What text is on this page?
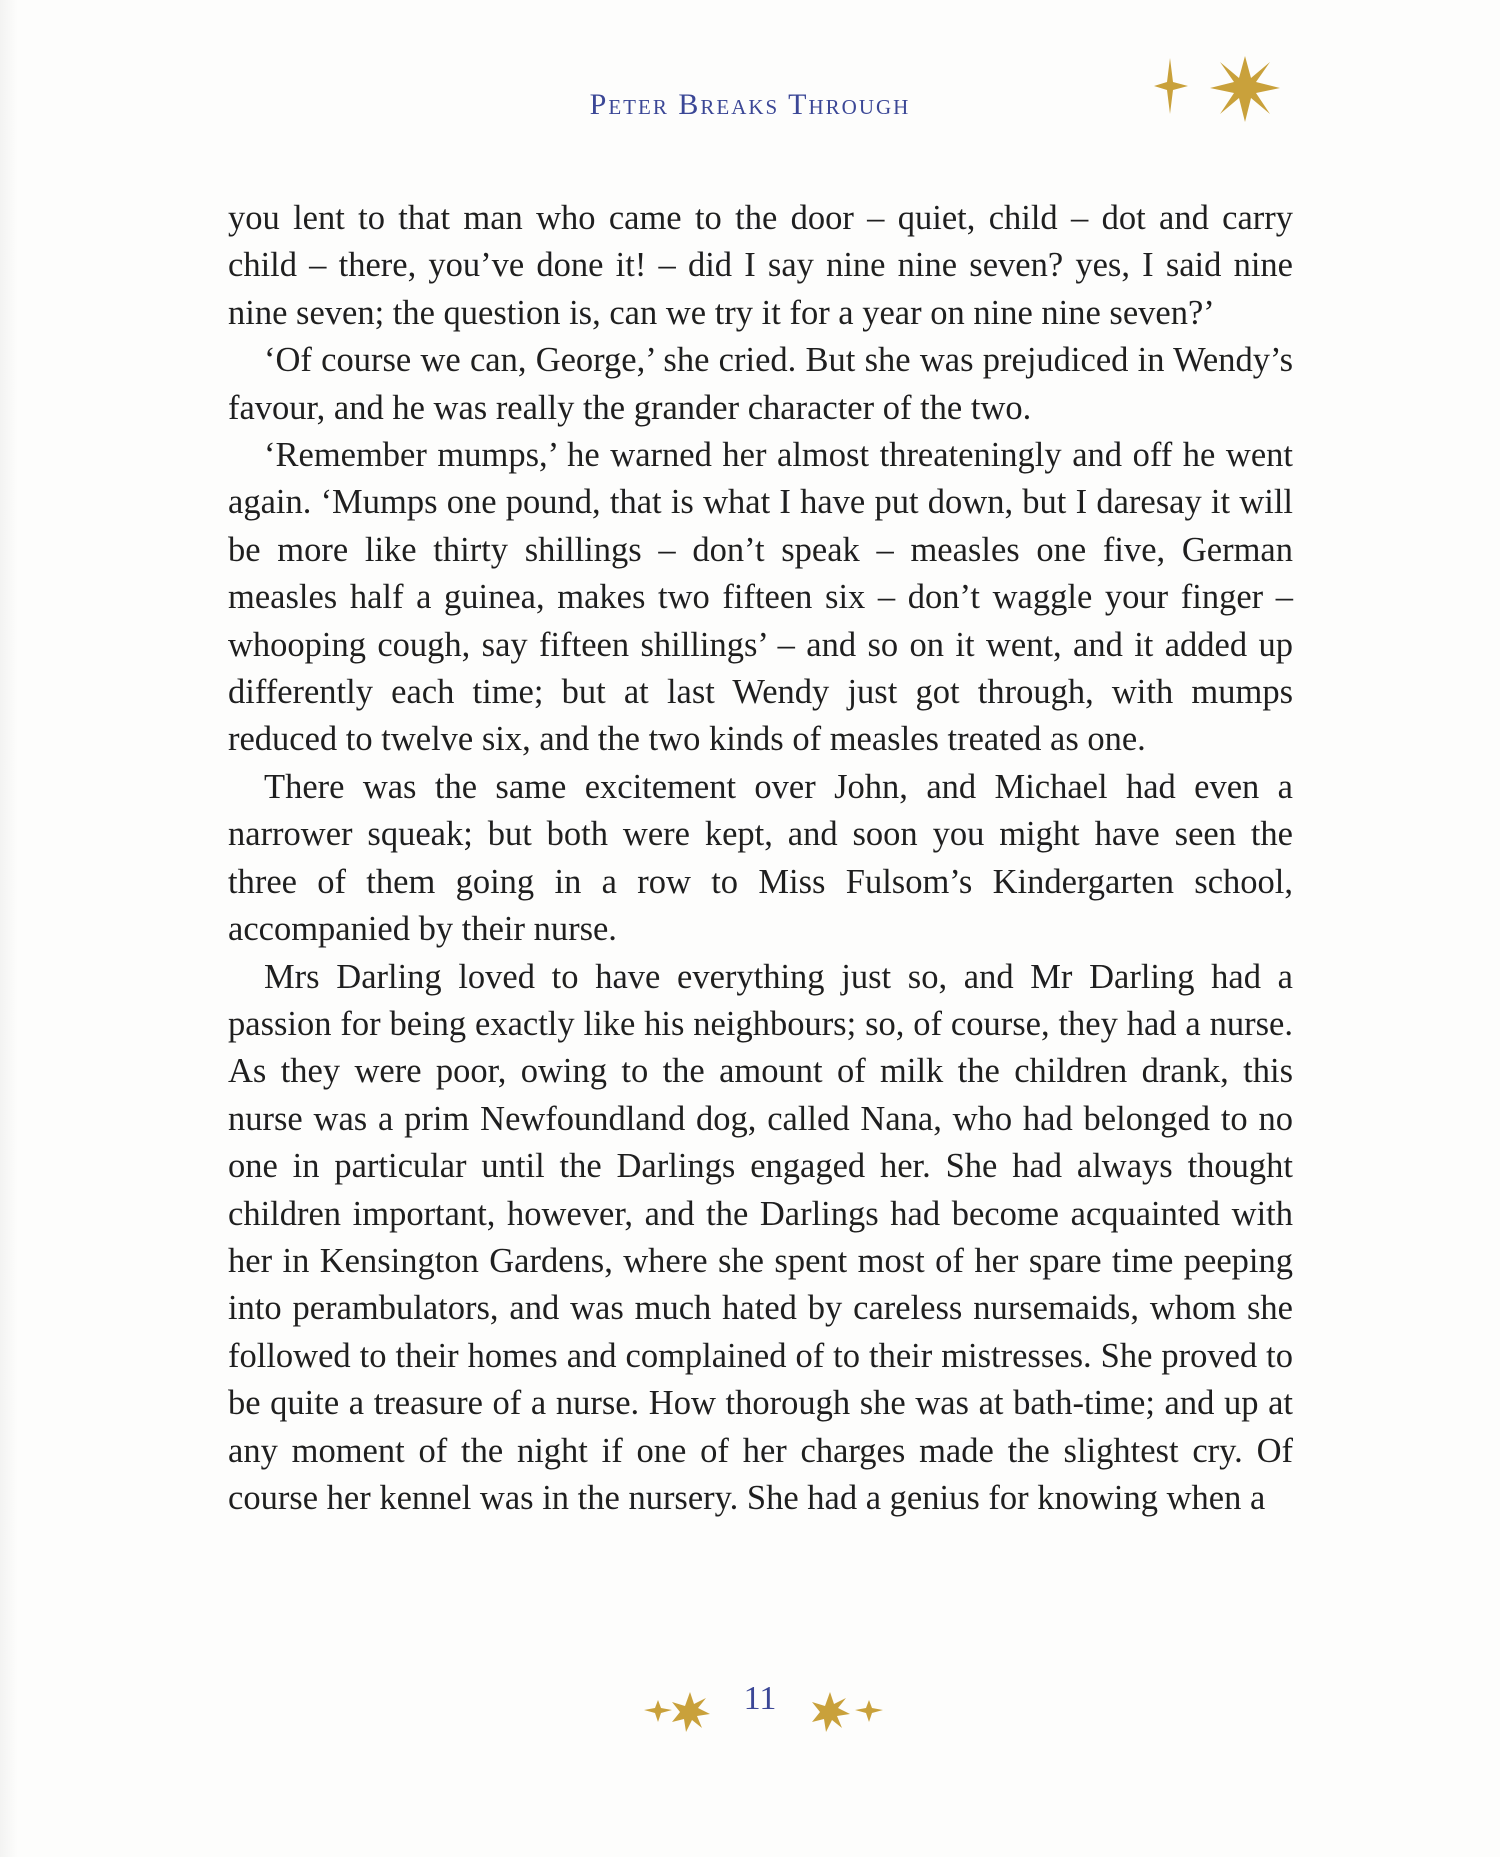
Peter Breaks Through

you lent to that man who came to the door – quiet, child – dot and carry child – there, you’ve done it! – did I say nine nine seven? yes, I said nine nine seven; the question is, can we try it for a year on nine nine seven?’

‘Of course we can, George,’ she cried. But she was prejudiced in Wendy’s favour, and he was really the grander character of the two.

‘Remember mumps,’ he warned her almost threateningly and off he went again. ‘Mumps one pound, that is what I have put down, but I daresay it will be more like thirty shillings – don’t speak – measles one five, German measles half a guinea, makes two fifteen six – don’t waggle your finger – whooping cough, say fifteen shillings’ – and so on it went, and it added up differently each time; but at last Wendy just got through, with mumps reduced to twelve six, and the two kinds of measles treated as one.

There was the same excitement over John, and Michael had even a narrower squeak; but both were kept, and soon you might have seen the three of them going in a row to Miss Fulsom’s Kindergarten school, accompanied by their nurse.

Mrs Darling loved to have everything just so, and Mr Darling had a passion for being exactly like his neighbours; so, of course, they had a nurse. As they were poor, owing to the amount of milk the children drank, this nurse was a prim Newfoundland dog, called Nana, who had belonged to no one in particular until the Darlings engaged her. She had always thought children important, however, and the Darlings had become acquainted with her in Kensington Gardens, where she spent most of her spare time peeping into perambulators, and was much hated by careless nursemaids, whom she followed to their homes and complained of to their mistresses. She proved to be quite a treasure of a nurse. How thorough she was at bath-time; and up at any moment of the night if one of her charges made the slightest cry. Of course her kennel was in the nursery. She had a genius for knowing when a

11
